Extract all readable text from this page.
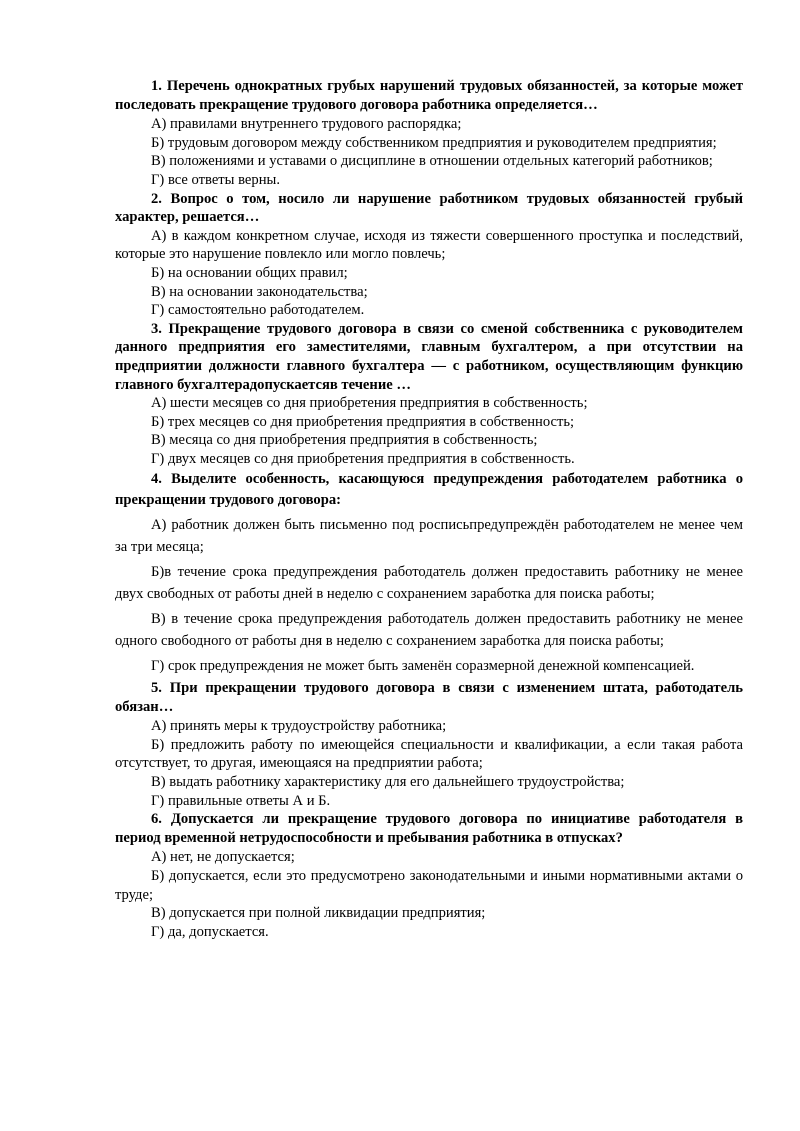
1. Перечень однократных грубых нарушений трудовых обязанностей, за которые может последовать прекращение трудового договора работника определяется…

А) правилами внутреннего трудового распорядка;

Б) трудовым договором между собственником предприятия и руководителем предприятия;

В) положениями и уставами о дисциплине в отношении отдельных категорий работников;

Г) все ответы верны.

2. Вопрос о том, носило ли нарушение работником трудовых обязанностей грубый характер, решается…

А) в каждом конкретном случае, исходя из тяжести совершенного проступка и последствий, которые это нарушение повлекло или могло повлечь;

Б) на основании общих правил;

В) на основании законодательства;

Г) самостоятельно работодателем.

3. Прекращение трудового договора в связи со сменой собственника с руководителем данного предприятия его заместителями, главным бухгалтером, а при отсутствии на предприятии должности главного бухгалтера — с работником, осуществляющим функцию главного бухгалтерадопускаетсяв течение …

А) шести месяцев со дня приобретения предприятия в собственность;

Б) трех месяцев со дня приобретения предприятия в собственность;

В) месяца со дня приобретения предприятия в собственность;

Г) двух месяцев со дня приобретения предприятия в собственность.

4. Выделите особенность, касающуюся предупреждения работодателем работника о прекращении трудового договора:

А) работник должен быть письменно под росписьпредупреждён работодателем не менее чем за три месяца;

Б)в течение срока предупреждения работодатель должен предоставить работнику не менее двух свободных от работы дней в неделю с сохранением заработка для поиска работы;

В) в течение срока предупреждения работодатель должен предоставить работнику не менее одного свободного от работы дня в неделю с сохранением заработка для поиска работы;

Г) срок предупреждения не может быть заменён соразмерной денежной компенсацией.

5. При прекращении трудового договора в связи с изменением штата, работодатель обязан…

А) принять меры к трудоустройству работника;

Б) предложить работу по имеющейся специальности и квалификации, а если такая работа отсутствует, то другая, имеющаяся на предприятии работа;

В) выдать работнику характеристику для его дальнейшего трудоустройства;

Г) правильные ответы А и Б.

6. Допускается ли прекращение трудового договора по инициативе работодателя в период временной нетрудоспособности и пребывания работника в отпусках?

А) нет, не допускается;

Б) допускается, если это предусмотрено законодательными и иными нормативными актами о труде;

В) допускается при полной ликвидации предприятия;

Г) да, допускается.
